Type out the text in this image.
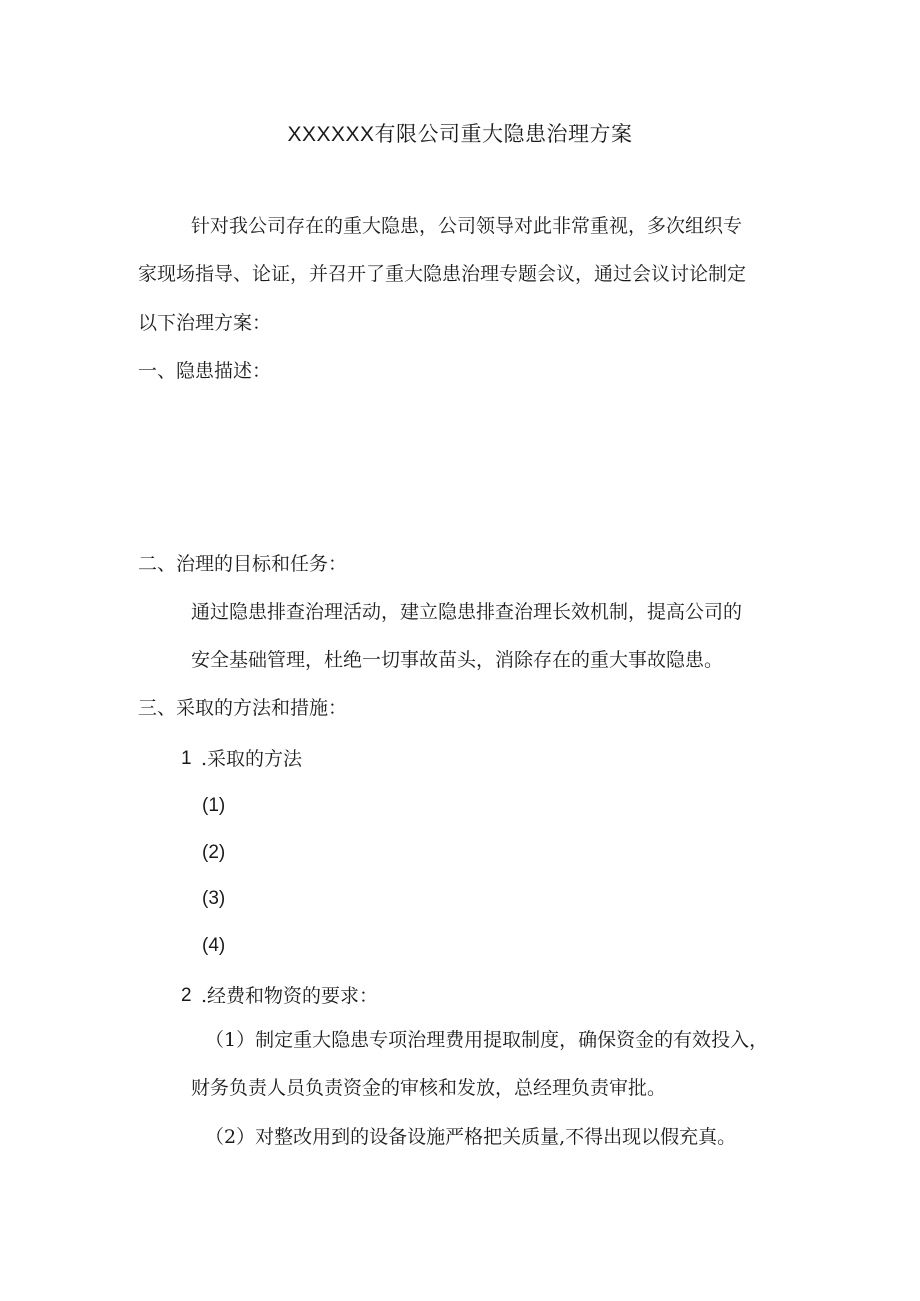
XXXXXX有限公司重大隐患治理方案
针对我公司存在的重大隐患，公司领导对此非常重视，多次组织专
家现场指导、论证，并召开了重大隐患治理专题会议，通过会议讨论制定
以下治理方案：
一、隐患描述：
二、治理的目标和任务：
通过隐患排查治理活动，建立隐患排查治理长效机制，提高公司的
安全基础管理，杜绝一切事故苗头，消除存在的重大事故隐患。
三、采取的方法和措施：
1 .采取的方法
(1)
(2)
(3)
(4)
2 .经费和物资的要求：
（1）制定重大隐患专项治理费用提取制度，确保资金的有效投入，
财务负责人员负责资金的审核和发放，总经理负责审批。
（2）对整改用到的设备设施严格把关质量,不得出现以假充真。
